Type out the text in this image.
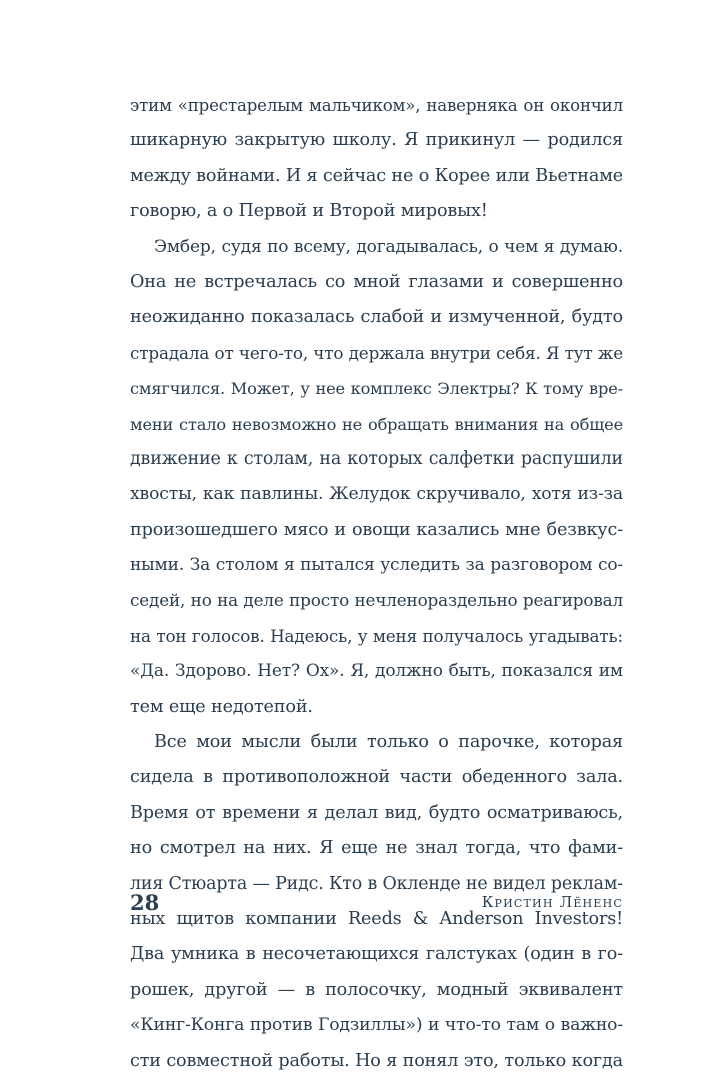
этим «престарелым мальчиком», наверняка он окончил
шикарную закрытую школу. Я прикинул — родился
между войнами. И я сейчас не о Корее или Вьетнаме
говорю, а о Первой и Второй мировых!
Эмбер, судя по всему, догадывалась, о чем я думаю.
Она не встречалась со мной глазами и совершенно
неожиданно показалась слабой и измученной, будто
страдала от чего-то, что держала внутри себя. Я тут же
смягчился. Может, у нее комплекс Электры? К тому вре-
мени стало невозможно не обращать внимания на общее
движение к столам, на которых салфетки распушили
хвосты, как павлины. Желудок скручивало, хотя из-за
произошедшего мясо и овощи казались мне безвкус-
ными. За столом я пытался уследить за разговором со-
седей, но на деле просто нечленораздельно реагировал
на тон голосов. Надеюсь, у меня получалось угадывать:
«Да. Здорово. Нет? Ох». Я, должно быть, показался им
тем еще недотепой.
Все мои мысли были только о парочке, которая
сидела в противоположной части обеденного зала.
Время от времени я делал вид, будто осматриваюсь,
но смотрел на них. Я еще не знал тогда, что фами-
лия Стюарта — Ридс. Кто в Окленде не видел реклам-
ных щитов компании Reeds & Anderson Investors!
Два умника в несочетающихся галстуках (один в го-
рошек, другой — в полосочку, модный эквивалент
«Кинг-Конга против Годзиллы») и что-то там о важно-
сти совместной работы. Но я понял это, только когда
28	Кристин Лёненс
